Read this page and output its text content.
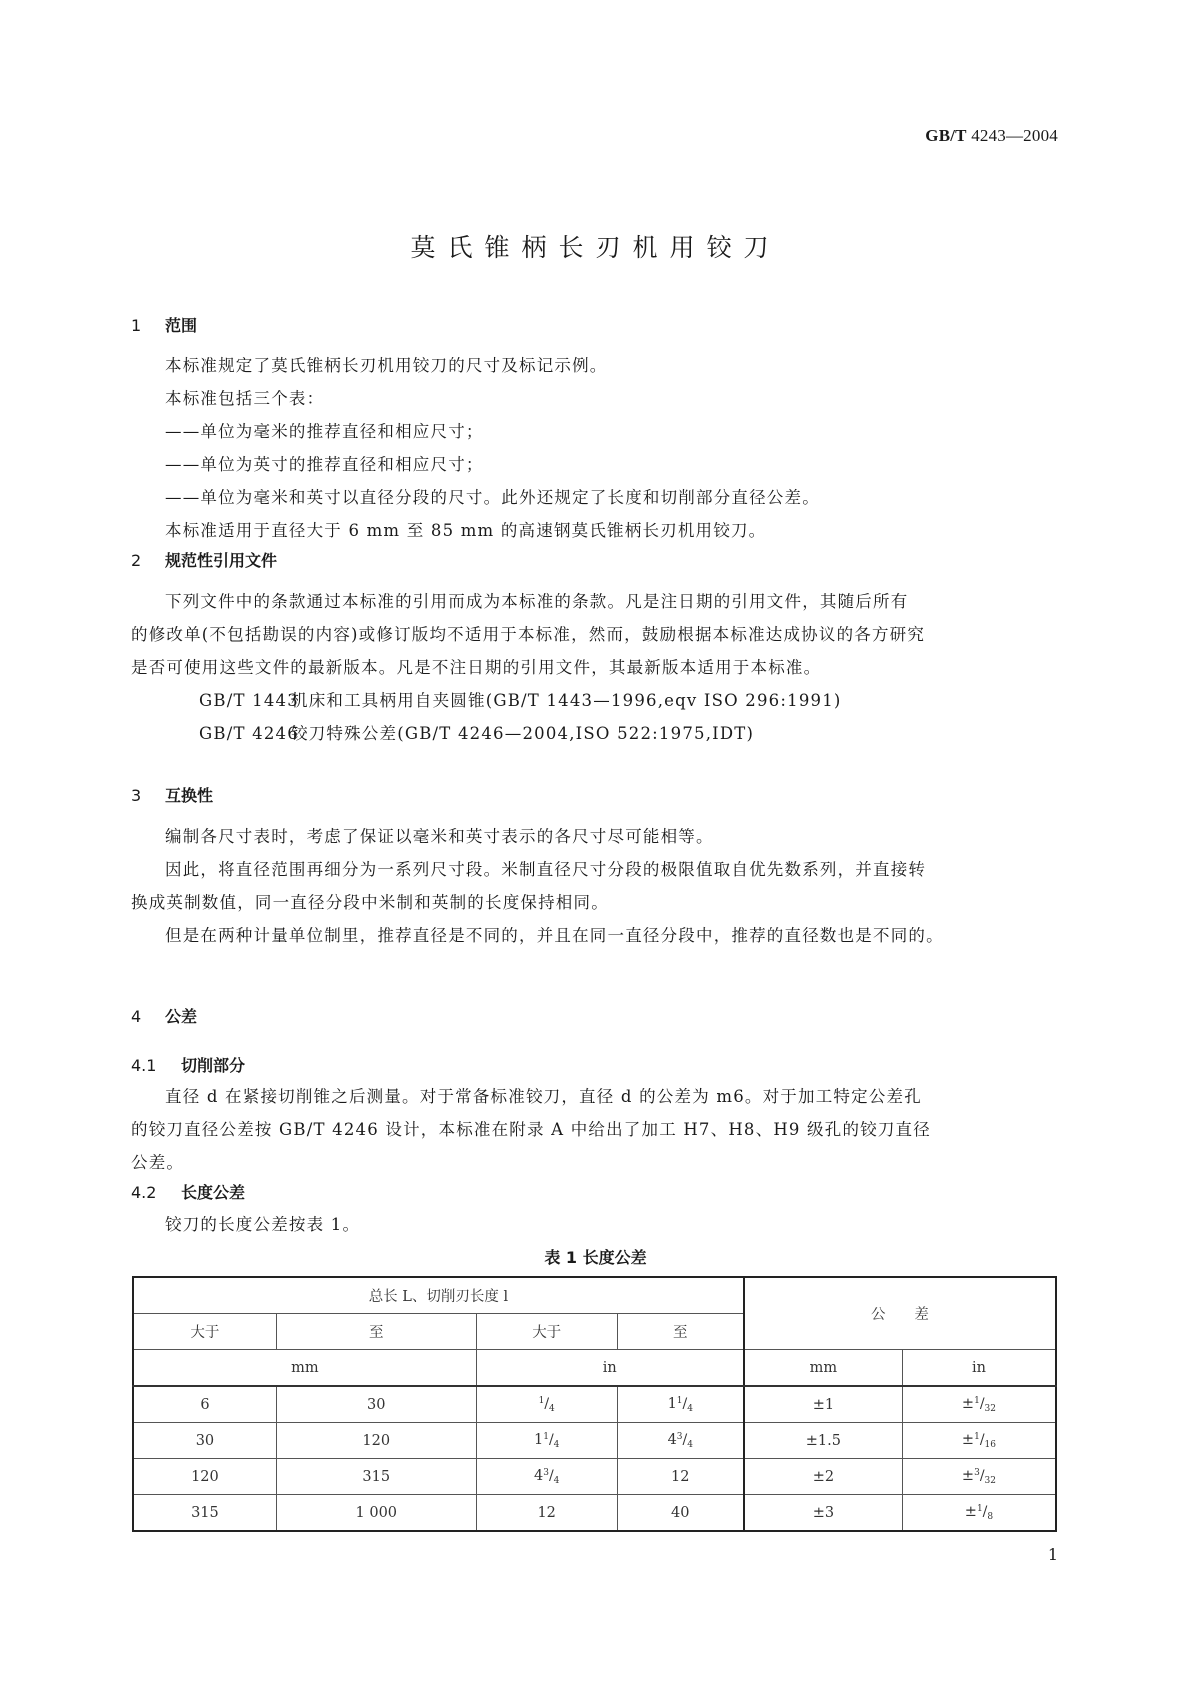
GB/T 4243—2004
莫氏锥柄长刃机用铰刀
1 范围
本标准规定了莫氏锥柄长刃机用铰刀的尺寸及标记示例。
本标准包括三个表：
——单位为毫米的推荐直径和相应尺寸；
——单位为英寸的推荐直径和相应尺寸；
——单位为毫米和英寸以直径分段的尺寸。此外还规定了长度和切削部分直径公差。
本标准适用于直径大于 6 mm 至 85 mm 的高速钢莫氏锥柄长刃机用铰刀。
2 规范性引用文件
下列文件中的条款通过本标准的引用而成为本标准的条款。凡是注日期的引用文件，其随后所有
的修改单(不包括勘误的内容)或修订版均不适用于本标准，然而，鼓励根据本标准达成协议的各方研究
是否可使用这些文件的最新版本。凡是不注日期的引用文件，其最新版本适用于本标准。
GB/T 1443机床和工具柄用自夹圆锥(GB/T 1443—1996,eqv ISO 296:1991)
GB/T 4246铰刀特殊公差(GB/T 4246—2004,ISO 522:1975,IDT)
3 互换性
编制各尺寸表时，考虑了保证以毫米和英寸表示的各尺寸尽可能相等。
因此，将直径范围再细分为一系列尺寸段。米制直径尺寸分段的极限值取自优先数系列，并直接转
换成英制数值，同一直径分段中米制和英制的长度保持相同。
但是在两种计量单位制里，推荐直径是不同的，并且在同一直径分段中，推荐的直径数也是不同的。
4 公差
4.1 切削部分
直径 d 在紧接切削锥之后测量。对于常备标准铰刀，直径 d 的公差为 m6。对于加工特定公差孔
的铰刀直径公差按 GB/T 4246 设计，本标准在附录 A 中给出了加工 H7、H8、H9 级孔的铰刀直径
公差。
4.2 长度公差
铰刀的长度公差按表 1。
表 1 长度公差
总长 L、切削刃长度 l				公　　差	
大于	至	大于	至		
mm		in		mm	in
6	30	$^1/_4$	$1^1/_4$	±1	$\pm^1/_{32}$
30	120	$1^1/_4$	$4^3/_4$	±1.5	$\pm^1/_{16}$
120	315	$4^3/_4$	12	±2	$\pm^3/_{32}$
315	1 000	12	40	±3	$\pm^1/_8$
1
